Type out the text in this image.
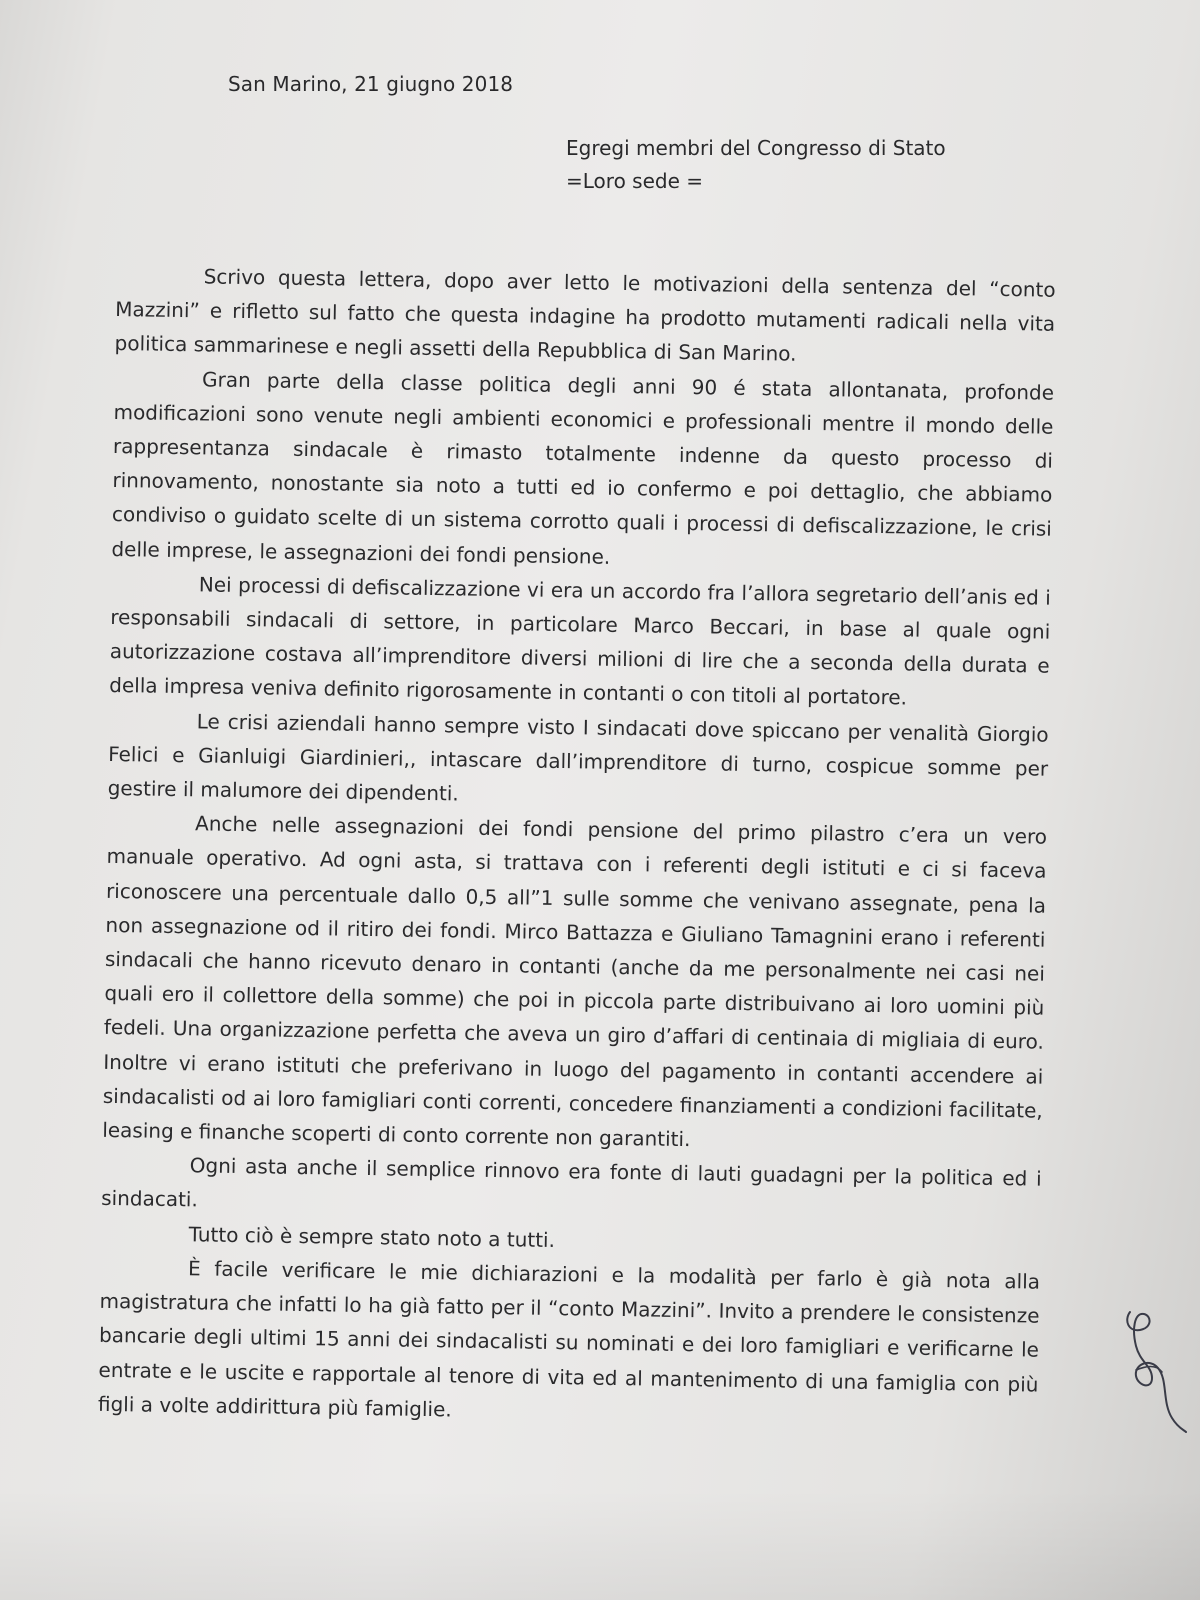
San Marino, 21 giugno 2018
Egregi membri del Congresso di Stato
=Loro sede =

Scrivo questa lettera, dopo aver letto le motivazioni della sentenza del “conto Mazzini” e rifletto sul fatto che questa indagine ha prodotto mutamenti radicali nella vita politica sammarinese e negli assetti della Repubblica di San Marino.

Gran parte della classe politica degli anni 90 é stata allontanata, profonde modificazioni sono venute negli ambienti economici e professionali mentre il mondo delle rappresentanza sindacale è rimasto totalmente indenne da questo processo di rinnovamento, nonostante sia noto a tutti ed io confermo e poi dettaglio, che abbiamo condiviso o guidato scelte di un sistema corrotto quali i processi di defiscalizzazione, le crisi delle imprese, le assegnazioni dei fondi pensione.

Nei processi di defiscalizzazione vi era un accordo fra l’allora segretario dell’anis ed i responsabili sindacali di settore, in particolare Marco Beccari, in base al quale ogni autorizzazione costava all’imprenditore diversi milioni di lire che a seconda della durata e della impresa veniva definito rigorosamente in contanti o con titoli al portatore.

Le crisi aziendali hanno sempre visto I sindacati dove spiccano per venalità Giorgio Felici e Gianluigi Giardinieri,, intascare dall’imprenditore di turno, cospicue somme per gestire il malumore dei dipendenti.

Anche nelle assegnazioni dei fondi pensione del primo pilastro c’era un vero manuale operativo. Ad ogni asta, si trattava con i referenti degli istituti e ci si faceva riconoscere una percentuale dallo 0,5 all”1 sulle somme che venivano assegnate, pena la non assegnazione od il ritiro dei fondi. Mirco Battazza e Giuliano Tamagnini erano i referenti sindacali che hanno ricevuto denaro in contanti (anche da me personalmente nei casi nei quali ero il collettore della somme) che poi in piccola parte distribuivano ai loro uomini più fedeli. Una organizzazione perfetta che aveva un giro d’affari di centinaia di migliaia di euro. Inoltre vi erano istituti che preferivano in luogo del pagamento in contanti accendere ai sindacalisti od ai loro famigliari conti correnti, concedere finanziamenti a condizioni facilitate, leasing e finanche scoperti di conto corrente non garantiti.

Ogni asta anche il semplice rinnovo era fonte di lauti guadagni per la politica ed i sindacati.

Tutto ciò è sempre stato noto a tutti.

È facile verificare le mie dichiarazioni e la modalità per farlo è già nota alla magistratura che infatti lo ha già fatto per il “conto Mazzini”. Invito a prendere le consistenze bancarie degli ultimi 15 anni dei sindacalisti su nominati e dei loro famigliari e verificarne le entrate e le uscite e rapportale al tenore di vita ed al mantenimento di una famiglia con più figli a volte addirittura più famiglie.
